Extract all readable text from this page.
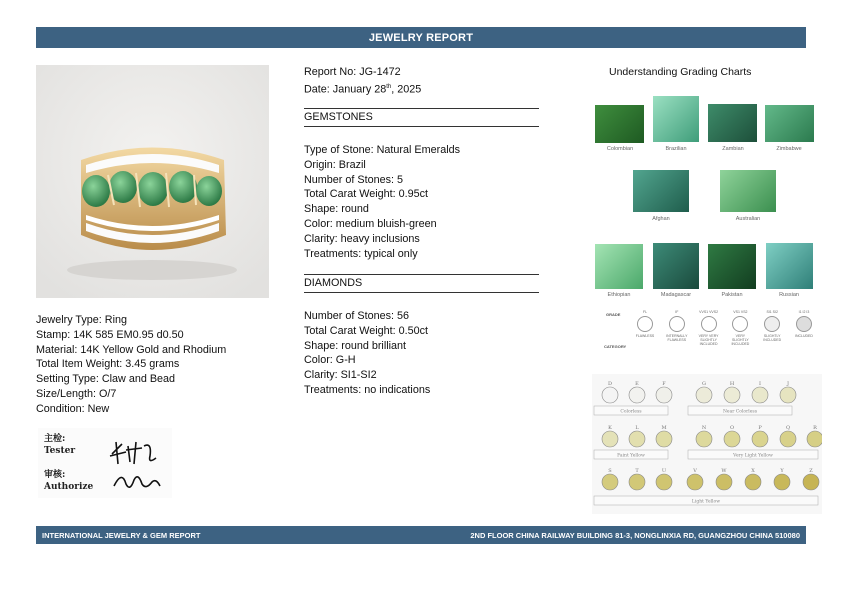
JEWELRY REPORT
Jewelry Type: Ring
Stamp: 14K 585 EM0.95 d0.50
Material: 14K Yellow Gold and Rhodium
Total Item Weight: 3.45 grams
Setting Type: Claw and Bead
Size/Length: O/7
Condition: New
主检:
Tester
审核:
Authorize
Report No: JG-1472
Date: January 28th, 2025
GEMSTONES
Type of Stone: Natural Emeralds
Origin: Brazil
Number of Stones: 5
Total Carat Weight: 0.95ct
Shape: round
Color: medium bluish-green
Clarity: heavy inclusions
Treatments: typical only
DIAMONDS
Number of Stones: 56
Total Carat Weight: 0.50ct
Shape: round brilliant
Color: G-H
Clarity: SI1-SI2
Treatments: no indications
Understanding Grading Charts
Colombian	Brazilian	Zambian	Zimbabwe
Afghan	Australian
Ethiopian	Madagascar	Pakistan	Russian
GRADE
CATEGORY
FL
FLAWLESS
IF
INTERNALLY FLAWLESS
VVS1 VVS2
VERY VERY SLIGHTLY INCLUDED
VS1 VS2
VERY SLIGHTLY INCLUDED
SI1 SI2
SLIGHTLY INCLUDED
I1 I2 I3
INCLUDED
D	E	F	G	H	I	J
K	L	M	N	O	P	Q	R
S	T	U	V	W	X	Y	Z
Colorless	Near Colorless
Faint Yellow	Very Light Yellow
Light Yellow
INTERNATIONAL JEWELRY & GEM REPORT	2ND FLOOR CHINA RAILWAY BUILDING 81-3, NONGLINXIA RD, GUANGZHOU CHINA 510080
